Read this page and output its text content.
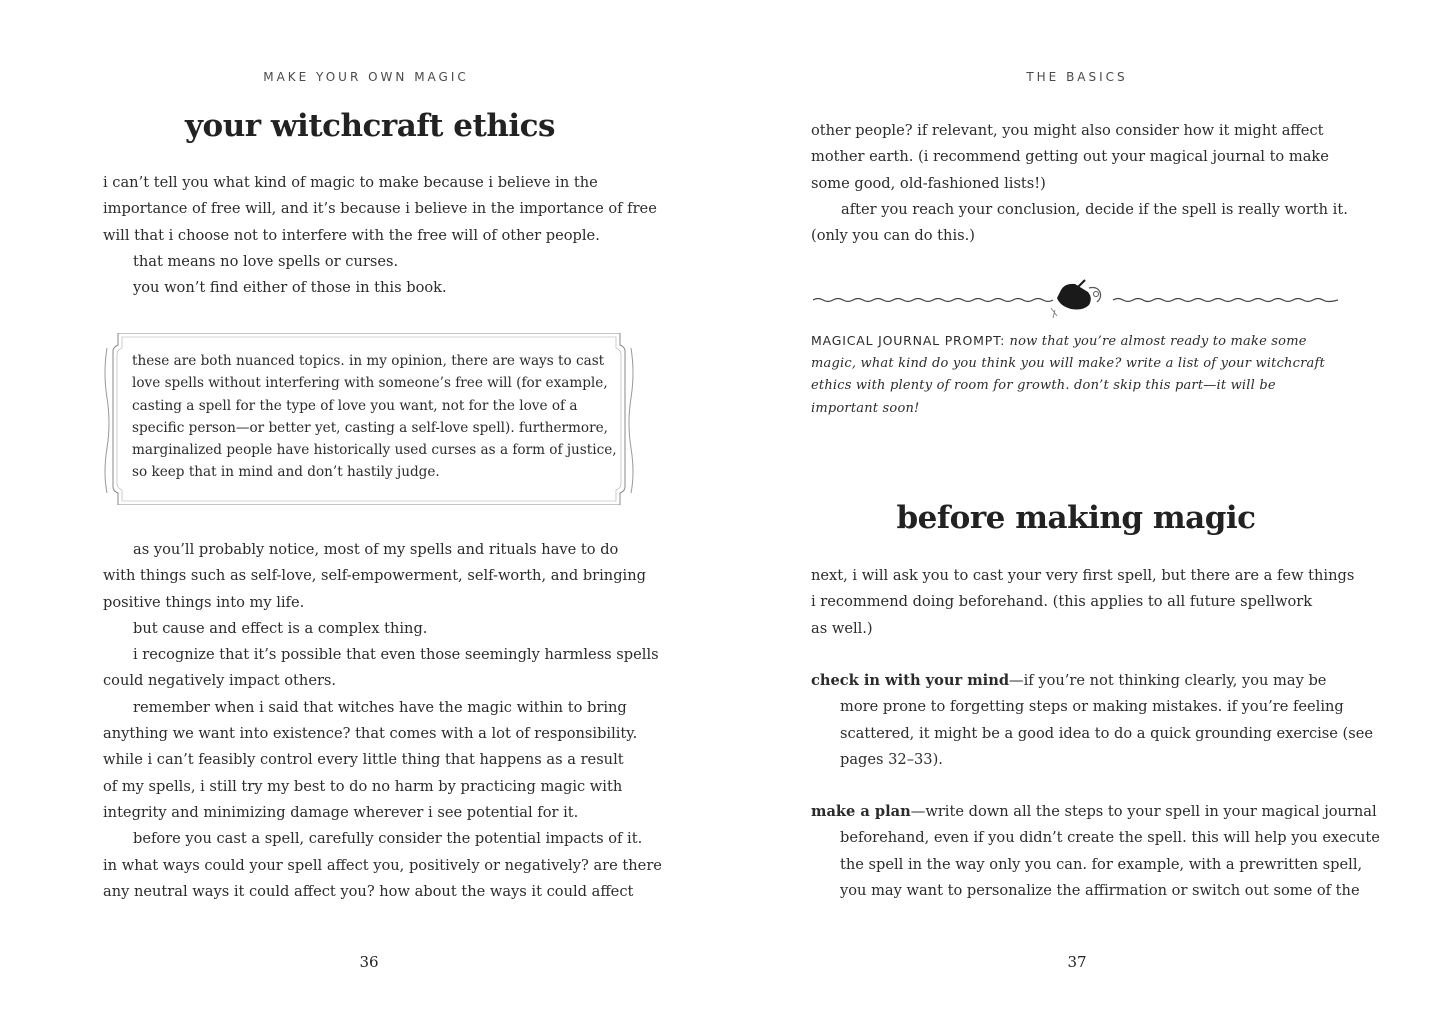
MAKE YOUR OWN MAGIC
your witchcraft ethics
i can’t tell you what kind of magic to make because i believe in the
importance of free will, and it’s because i believe in the importance of free
will that i choose not to interfere with the free will of other people.
that means no love spells or curses.
you won’t find either of those in this book.
these are both nuanced topics. in my opinion, there are ways to cast
love spells without interfering with someone’s free will (for example,
casting a spell for the type of love you want, not for the love of a
specific person—or better yet, casting a self-love spell). furthermore,
marginalized people have historically used curses as a form of justice,
so keep that in mind and don’t hastily judge.
as you’ll probably notice, most of my spells and rituals have to do
with things such as self-love, self-empowerment, self-worth, and bringing
positive things into my life.
but cause and effect is a complex thing.
i recognize that it’s possible that even those seemingly harmless spells
could negatively impact others.
remember when i said that witches have the magic within to bring
anything we want into existence? that comes with a lot of responsibility.
while i can’t feasibly control every little thing that happens as a result
of my spells, i still try my best to do no harm by practicing magic with
integrity and minimizing damage wherever i see potential for it.
before you cast a spell, carefully consider the potential impacts of it.
in what ways could your spell affect you, positively or negatively? are there
any neutral ways it could affect you? how about the ways it could affect
36
THE BASICS
other people? if relevant, you might also consider how it might affect
mother earth. (i recommend getting out your magical journal to make
some good, old-fashioned lists!)
after you reach your conclusion, decide if the spell is really worth it.
(only you can do this.)
MAGICAL JOURNAL PROMPT: now that you’re almost ready to make some
magic, what kind do you think you will make? write a list of your witchcraft
ethics with plenty of room for growth. don’t skip this part—it will be
important soon!
before making magic
next, i will ask you to cast your very first spell, but there are a few things
i recommend doing beforehand. (this applies to all future spellwork
as well.)
check in with your mind—if you’re not thinking clearly, you may be
more prone to forgetting steps or making mistakes. if you’re feeling
scattered, it might be a good idea to do a quick grounding exercise (see
pages 32–33).
make a plan—write down all the steps to your spell in your magical journal
beforehand, even if you didn’t create the spell. this will help you execute
the spell in the way only you can. for example, with a prewritten spell,
you may want to personalize the affirmation or switch out some of the
37
